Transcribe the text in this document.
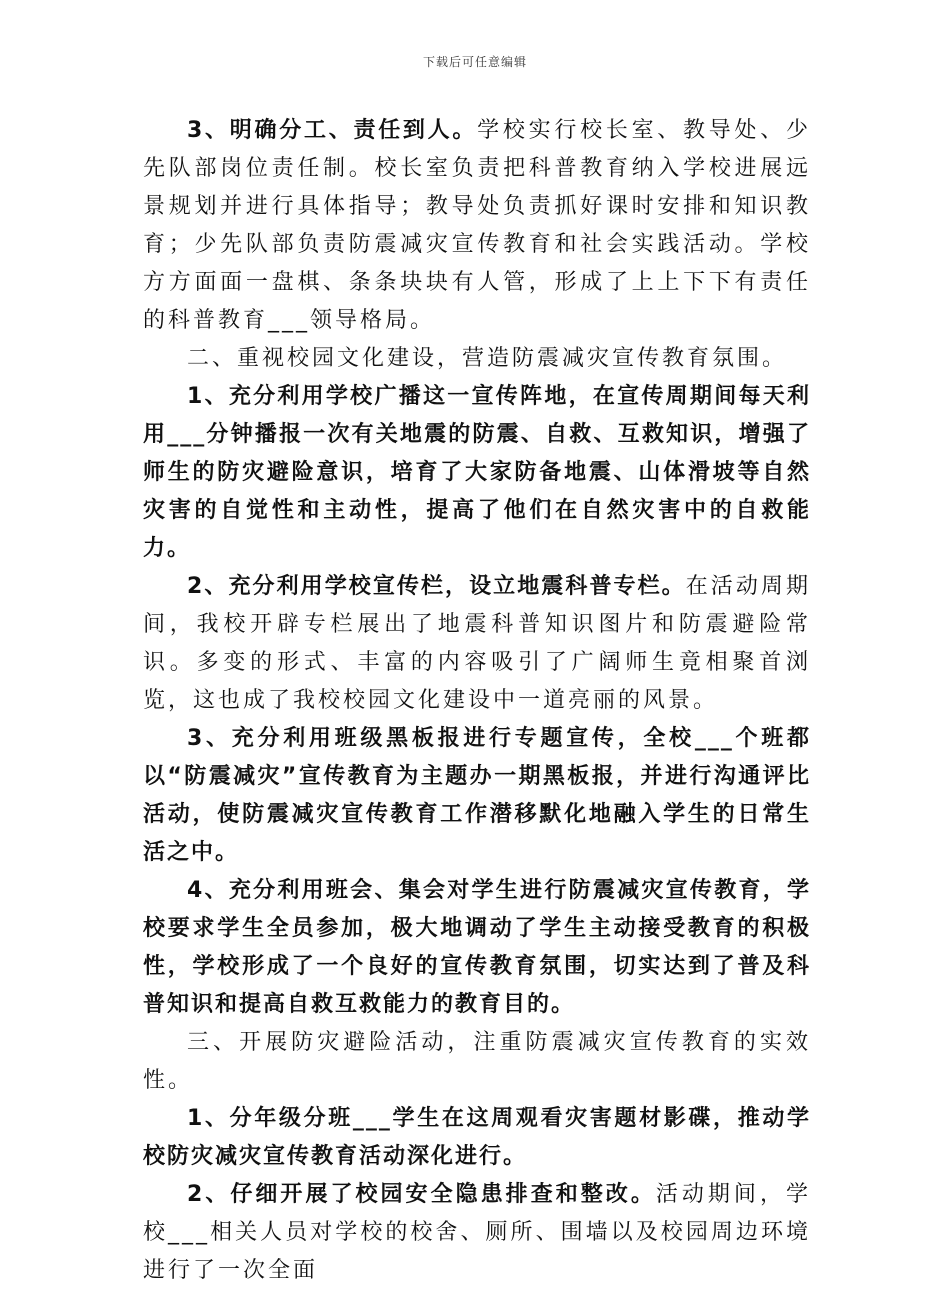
下载后可任意编辑

3、明确分工、责任到人。学校实行校长室、教导处、少先队部岗位责任制。校长室负责把科普教育纳入学校进展远景规划并进行具体指导；教导处负责抓好课时安排和知识教育；少先队部负责防震减灾宣传教育和社会实践活动。学校方方面面一盘棋、条条块块有人管，形成了上上下下有责任的科普教育___领导格局。

二、重视校园文化建设，营造防震减灾宣传教育氛围。

1、充分利用学校广播这一宣传阵地，在宣传周期间每天利用___分钟播报一次有关地震的防震、自救、互救知识，增强了师生的防灾避险意识，培育了大家防备地震、山体滑坡等自然灾害的自觉性和主动性，提高了他们在自然灾害中的自救能力。

2、充分利用学校宣传栏，设立地震科普专栏。在活动周期间，我校开辟专栏展出了地震科普知识图片和防震避险常识。多变的形式、丰富的内容吸引了广阔师生竟相聚首浏览，这也成了我校校园文化建设中一道亮丽的风景。

3、充分利用班级黑板报进行专题宣传，全校___个班都以“防震减灾”宣传教育为主题办一期黑板报，并进行沟通评比活动，使防震减灾宣传教育工作潜移默化地融入学生的日常生活之中。

4、充分利用班会、集会对学生进行防震减灾宣传教育，学校要求学生全员参加，极大地调动了学生主动接受教育的积极性，学校形成了一个良好的宣传教育氛围，切实达到了普及科普知识和提高自救互救能力的教育目的。

三、开展防灾避险活动，注重防震减灾宣传教育的实效性。

1、分年级分班___学生在这周观看灾害题材影碟，推动学校防灾减灾宣传教育活动深化进行。

2、仔细开展了校园安全隐患排查和整改。活动期间，学校___相关人员对学校的校舍、厕所、围墙以及校园周边环境进行了一次全面
